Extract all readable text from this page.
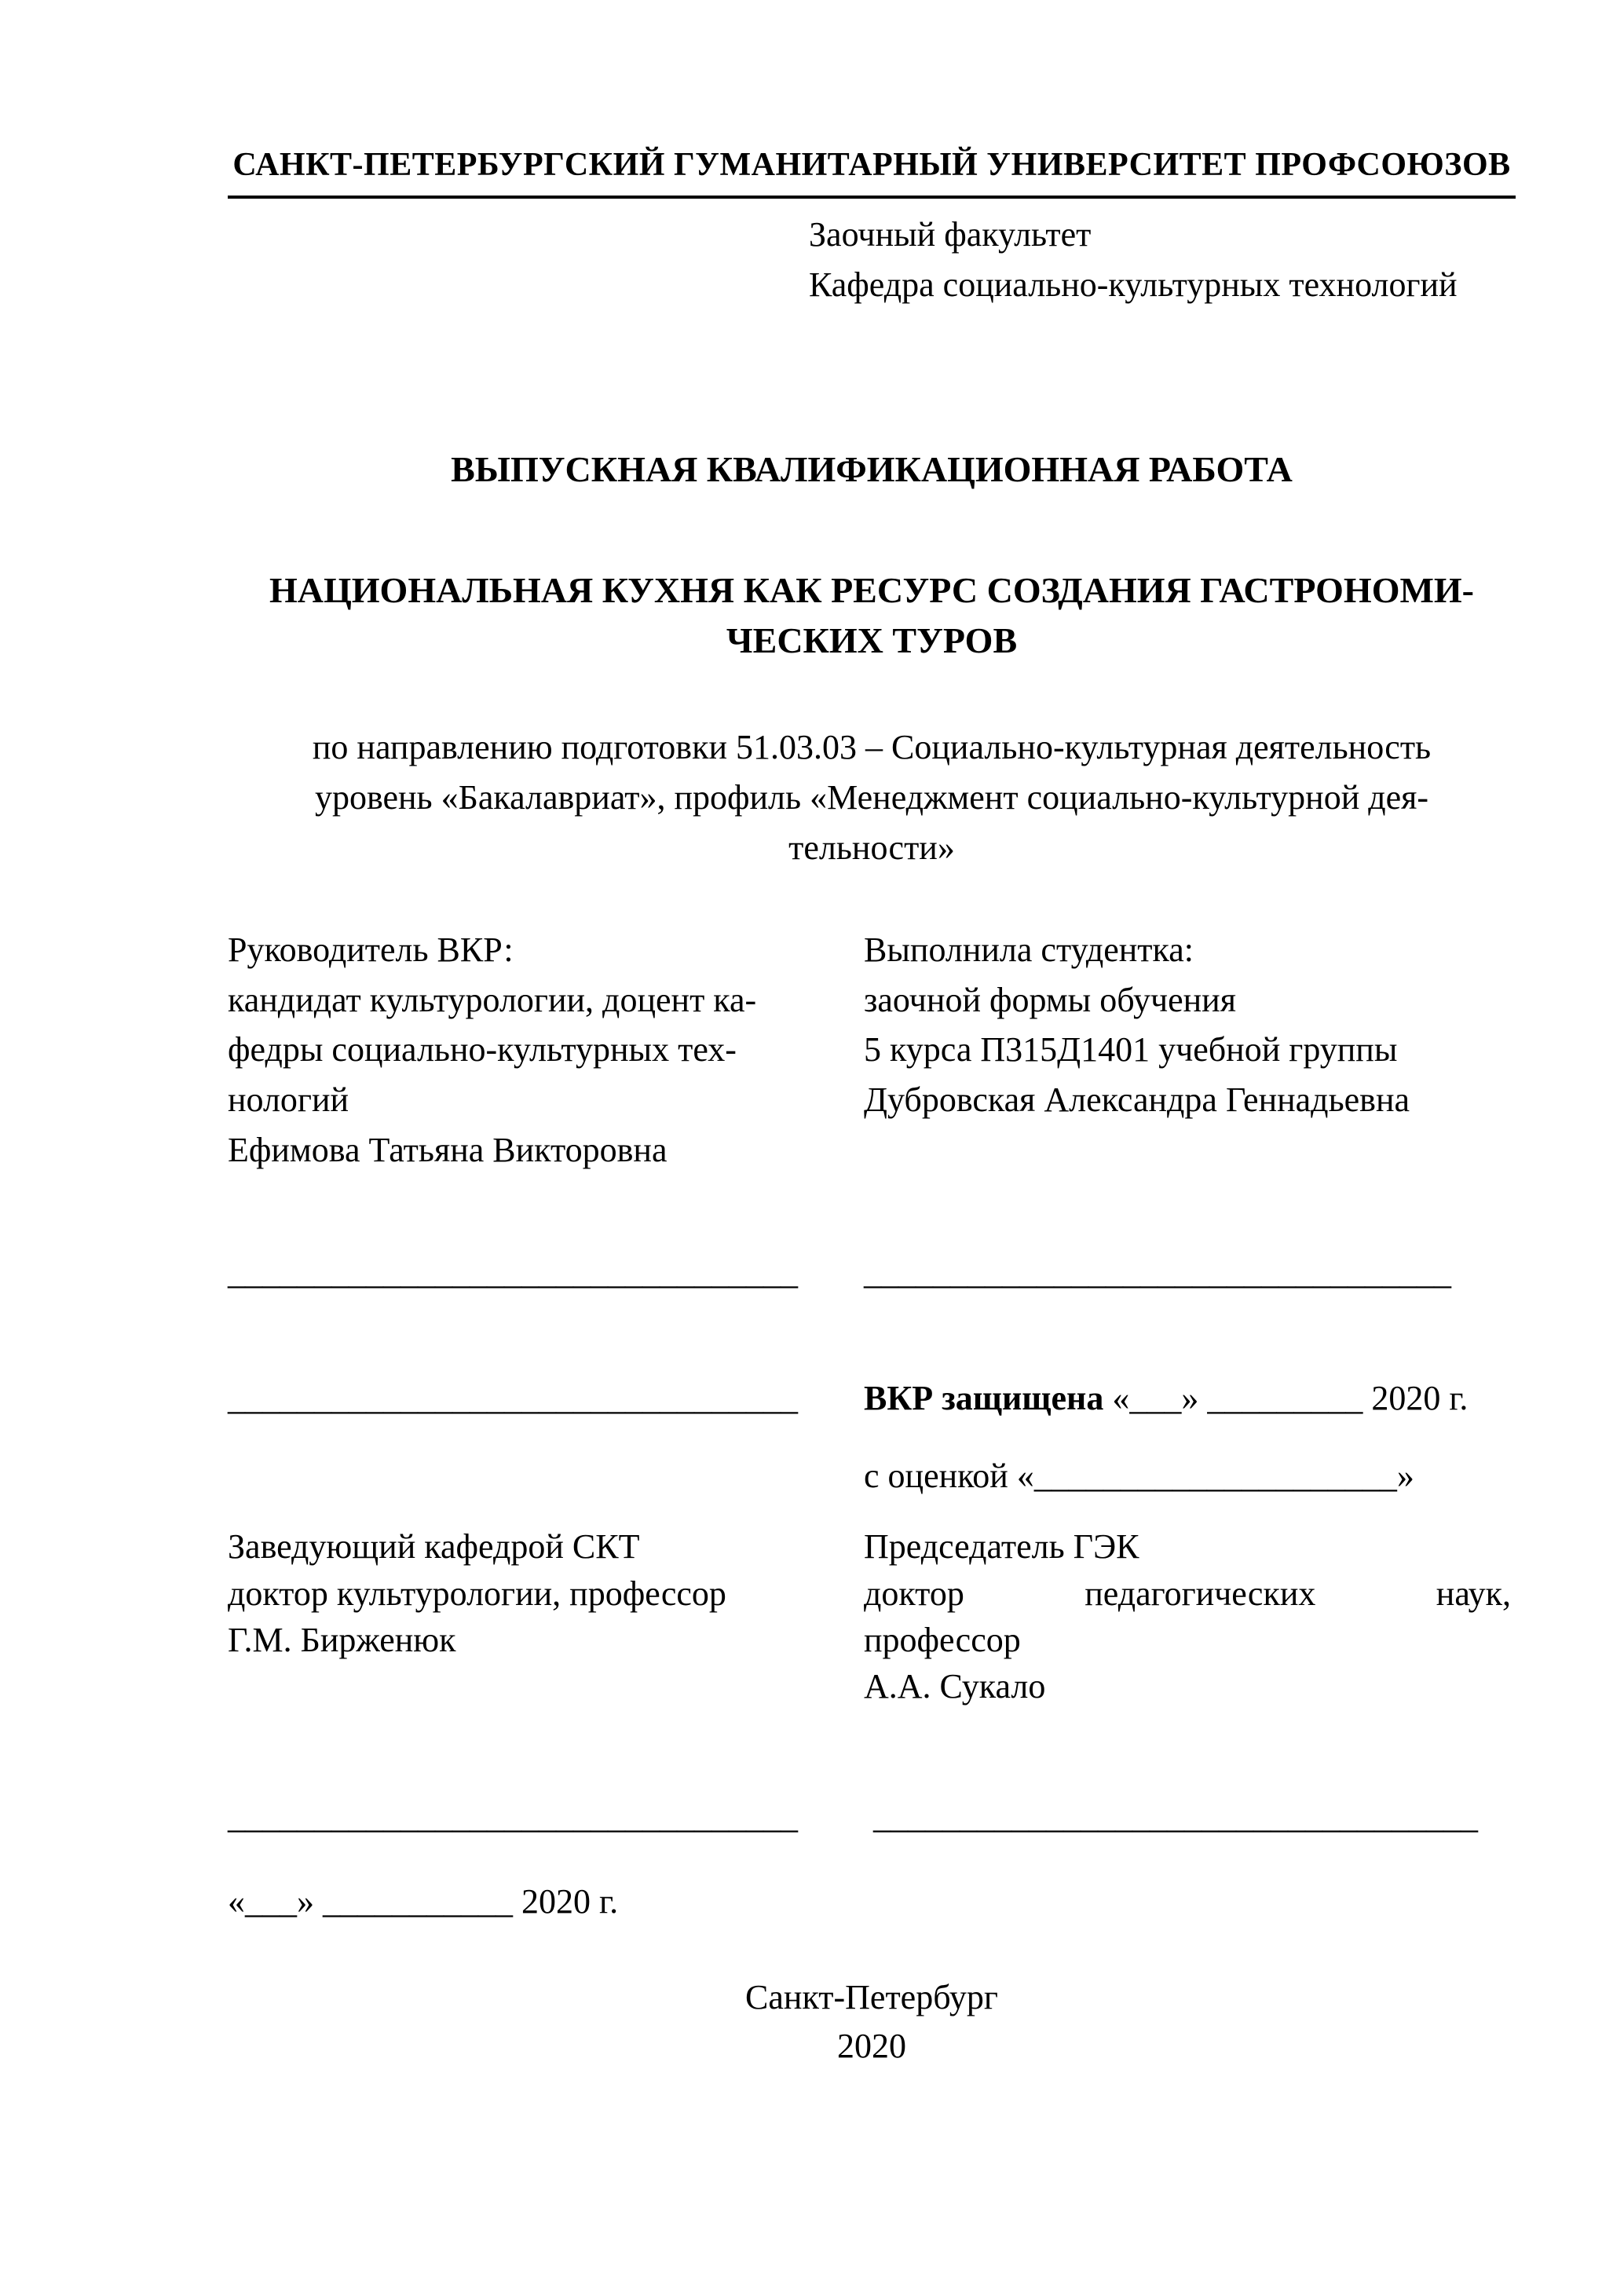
САНКТ-ПЕТЕРБУРГСКИЙ ГУМАНИТАРНЫЙ УНИВЕРСИТЕТ ПРОФСОЮЗОВ
Заочный факультет
Кафедра социально-культурных технологий
ВЫПУСКНАЯ КВАЛИФИКАЦИОННАЯ РАБОТА
НАЦИОНАЛЬНАЯ КУХНЯ КАК РЕСУРС СОЗДАНИЯ ГАСТРОНОМИ-
ЧЕСКИХ ТУРОВ
по направлению подготовки 51.03.03 – Социально-культурная деятельность
уровень «Бакалавриат», профиль «Менеджмент социально-культурной дея-
тельности»
Руководитель ВКР:
кандидат культурологии, доцент ка-
федры социально-культурных тех-
нологий
Ефимова Татьяна Викторовна
Выполнила студентка:
заочной формы обучения
5 курса П315Д1401 учебной группы
Дубровская Александра Геннадьевна
_________________________________	__________________________________
_________________________________	ВКР защищена «___» _________ 2020 г.
с оценкой «_____________________»
Заведующий кафедрой СКТ
доктор культурологии, профессор
Г.М. Бирженюк
Председатель ГЭК
доктор	педагогических	наук,
профессор
А.А. Сукало
_________________________________	___________________________________
«___» ___________ 2020 г.
Санкт-Петербург
2020
